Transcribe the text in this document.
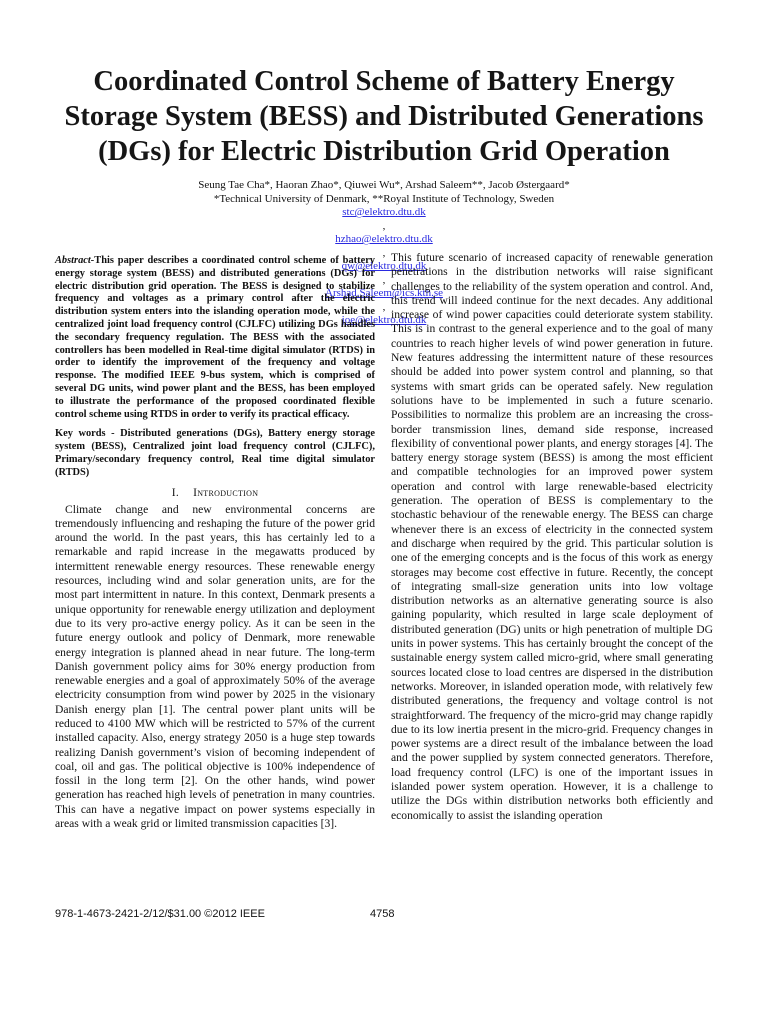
Coordinated Control Scheme of Battery Energy
Storage System (BESS) and Distributed Generations
(DGs) for Electric Distribution Grid Operation
Seung Tae Cha*, Haoran Zhao*, Qiuwei Wu*, Arshad Saleem**, Jacob Østergaard*
*Technical University of Denmark, **Royal Institute of Technology, Sweden
stc@elektro.dtu.dk
,
hzhao@elektro.dtu.dk
,
qw@elektro.dtu.dk
,
Arshad.Saleem@ics.kth.se
,
joe@elektro.dtu.dk

Abstract-This paper describes a coordinated control scheme of battery energy storage system (BESS) and distributed generations (DGs) for electric distribution grid operation. The BESS is designed to stabilize frequency and voltages as a primary control after the electric distribution system enters into the islanding operation mode, while the centralized joint load frequency control (CJLFC) utilizing DGs handles the secondary frequency regulation. The BESS with the associated controllers has been modelled in Real-time digital simulator (RTDS) in order to identify the improvement of the frequency and voltage response. The modified IEEE 9-bus system, which is comprised of several DG units, wind power plant and the BESS, has been employed to illustrate the performance of the proposed coordinated flexible control scheme using RTDS in order to verify its practical efficacy.

Key words - Distributed generations (DGs), Battery energy storage system (BESS), Centralized joint load frequency control (CJLFC), Primary/secondary frequency control, Real time digital simulator (RTDS)

I. Introduction

Climate change and new environmental concerns are tremendously influencing and reshaping the future of the power grid around the world. In the past years, this has certainly led to a remarkable and rapid increase in the megawatts produced by intermittent renewable energy resources. These renewable energy resources, including wind and solar generation units, are for the most part intermittent in nature. In this context, Denmark presents a unique opportunity for renewable energy utilization and deployment due to its very pro-active energy policy. As it can be seen in the future energy outlook and policy of Denmark, more renewable energy integration is planned ahead in near future. The long-term Danish government policy aims for 30% energy production from renewable energies and a goal of approximately 50% of the average electricity consumption from wind power by 2025 in the visionary Danish energy plan [1]. The central power plant units will be reduced to 4100 MW which will be restricted to 57% of the current installed capacity. Also, energy strategy 2050 is a huge step towards realizing Danish government’s vision of becoming independent of coal, oil and gas. The political objective is 100% independence of fossil in the long term [2]. On the other hands, wind power generation has reached high levels of penetration in many countries. This can have a negative impact on power systems especially in areas with a weak grid or limited transmission capacities [3].

This future scenario of increased capacity of renewable generation penetrations in the distribution networks will raise significant challenges to the reliability of the system operation and control. And, this trend will indeed continue for the next decades. Any additional increase of wind power capacities could deteriorate system stability. This is in contrast to the general experience and to the goal of many countries to reach higher levels of wind power generation in future. New features addressing the intermittent nature of these resources should be added into power system control and planning, so that systems with smart grids can be operated safely. New regulation solutions have to be implemented in such a future scenario. Possibilities to normalize this problem are an increasing the cross-border transmission lines, demand side response, increased flexibility of conventional power plants, and energy storages [4]. The battery energy storage system (BESS) is among the most efficient and compatible technologies for an improved power system operation and control with large renewable-based electricity generation. The operation of BESS is complementary to the stochastic behaviour of the renewable energy. The BESS can charge whenever there is an excess of electricity in the connected system and discharge when required by the grid. This particular solution is one of the emerging concepts and is the focus of this work as energy storages may become cost effective in future. Recently, the concept of integrating small-size generation units into low voltage distribution networks as an alternative generating source is also gaining popularity, which resulted in large scale deployment of distributed generation (DG) units or high penetration of multiple DG units in power systems. This has certainly brought the concept of the sustainable energy system called micro-grid, where small generating sources located close to load centres are dispersed in the distribution networks. Moreover, in islanded operation mode, with relatively few distributed generations, the frequency and voltage control is not straightforward. The frequency of the micro-grid may change rapidly due to its low inertia present in the micro-grid. Frequency changes in power systems are a direct result of the imbalance between the load and the power supplied by system connected generators. Therefore, load frequency control (LFC) is one of the important issues in islanded power system operation. However, it is a challenge to utilize the DGs within distribution networks both efficiently and economically to assist the islanding operation

978-1-4673-2421-2/12/$31.00 ©2012 IEEE	4758
